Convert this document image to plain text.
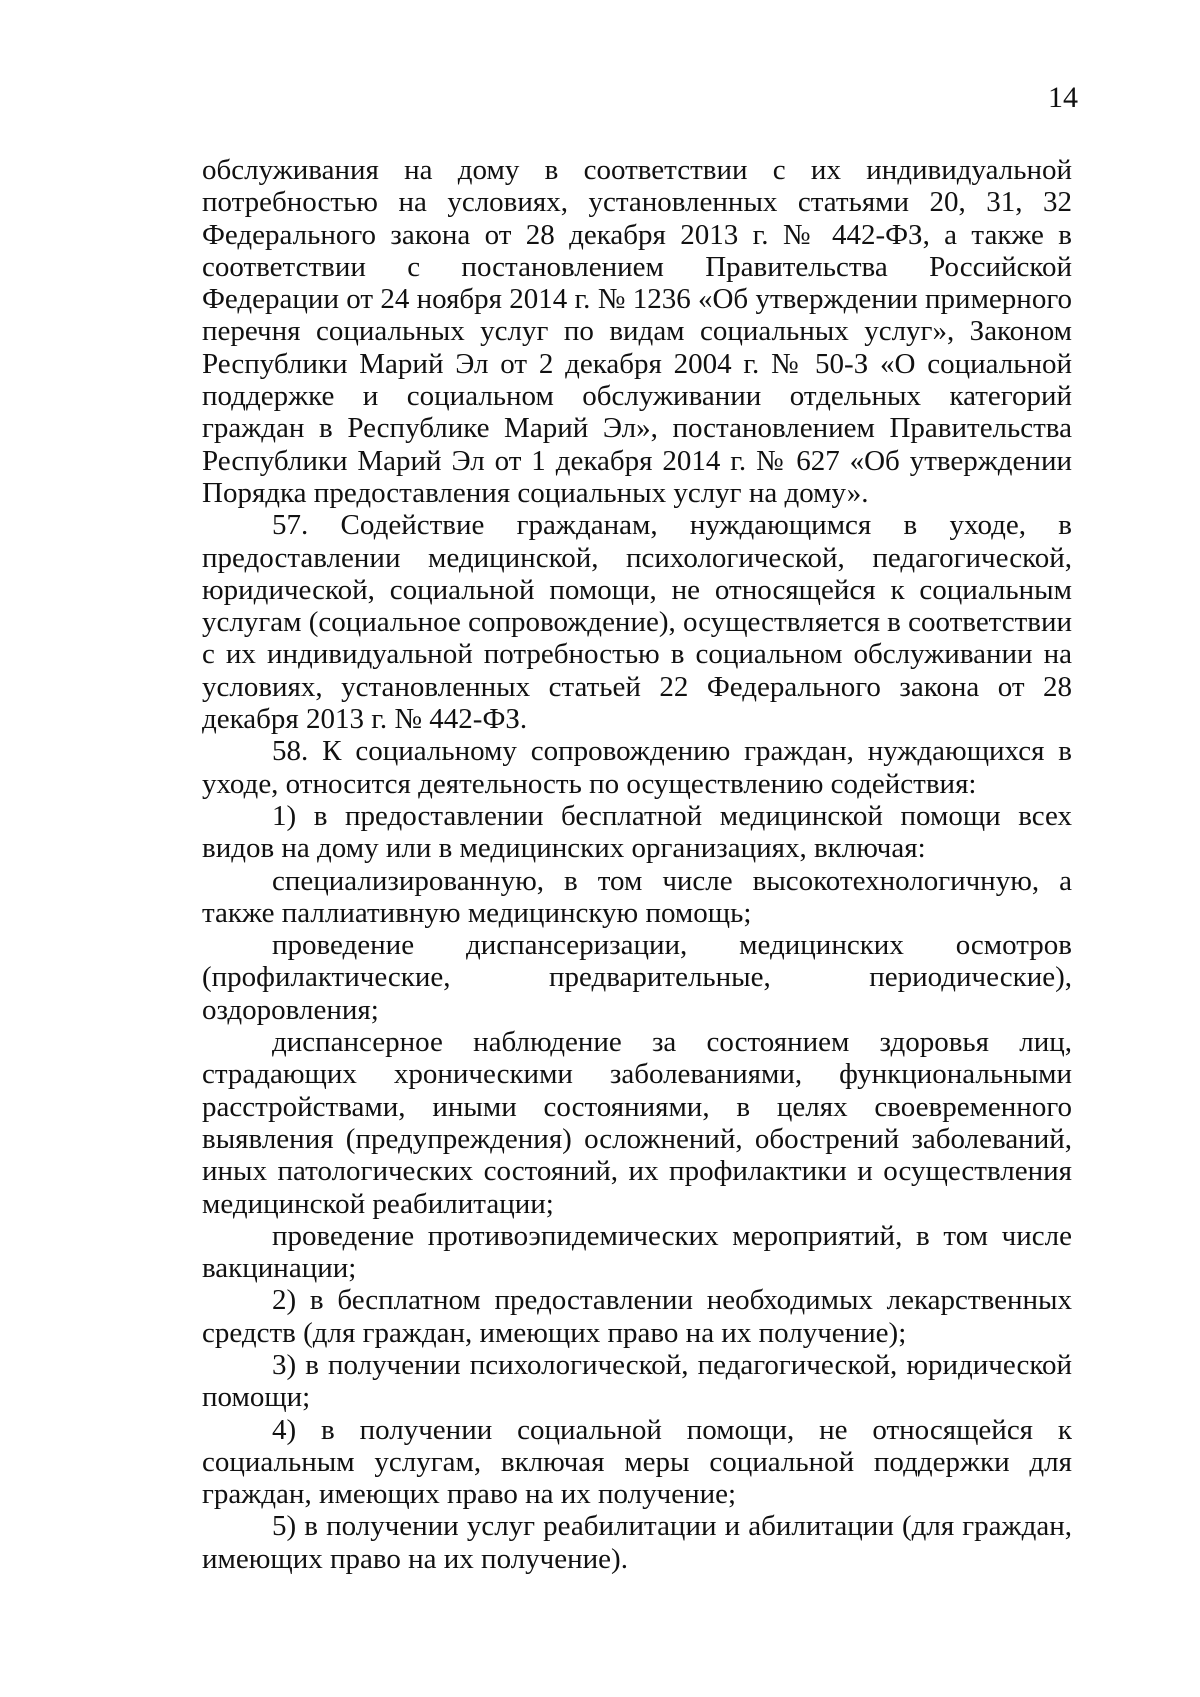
14

обслуживания на дому в соответствии с их индивидуальной потребностью на условиях, установленных статьями 20, 31, 32 Федерального закона от 28 декабря 2013 г. № 442-ФЗ, а также в соответствии с постановлением Правительства Российской Федерации от 24 ноября 2014 г. № 1236 «Об утверждении примерного перечня социальных услуг по видам социальных услуг», Законом Республики Марий Эл от 2 декабря 2004 г. № 50-З «О социальной поддержке и социальном обслуживании отдельных категорий граждан в Республике Марий Эл», постановлением Правительства Республики Марий Эл от 1 декабря 2014 г. № 627 «Об утверждении Порядка предоставления социальных услуг на дому».

57. Содействие гражданам, нуждающимся в уходе, в предоставлении медицинской, психологической, педагогической, юридической, социальной помощи, не относящейся к социальным услугам (социальное сопровождение), осуществляется в соответствии с их индивидуальной потребностью в социальном обслуживании на условиях, установленных статьей 22 Федерального закона от 28 декабря 2013 г. № 442-ФЗ.

58. К социальному сопровождению граждан, нуждающихся в уходе, относится деятельность по осуществлению содействия:

1) в предоставлении бесплатной медицинской помощи всех видов на дому или в медицинских организациях, включая:

специализированную, в том числе высокотехнологичную, а также паллиативную медицинскую помощь;

проведение диспансеризации, медицинских осмотров (профилактические, предварительные, периодические), оздоровления;

диспансерное наблюдение за состоянием здоровья лиц, страдающих хроническими заболеваниями, функциональными расстройствами, иными состояниями, в целях своевременного выявления (предупреждения) осложнений, обострений заболеваний, иных патологических состояний, их профилактики и осуществления медицинской реабилитации;

проведение противоэпидемических мероприятий, в том числе вакцинации;

2) в бесплатном предоставлении необходимых лекарственных средств (для граждан, имеющих право на их получение);

3) в получении психологической, педагогической, юридической помощи;

4) в получении социальной помощи, не относящейся к социальным услугам, включая меры социальной поддержки для граждан, имеющих право на их получение;

5) в получении услуг реабилитации и абилитации (для граждан, имеющих право на их получение).
